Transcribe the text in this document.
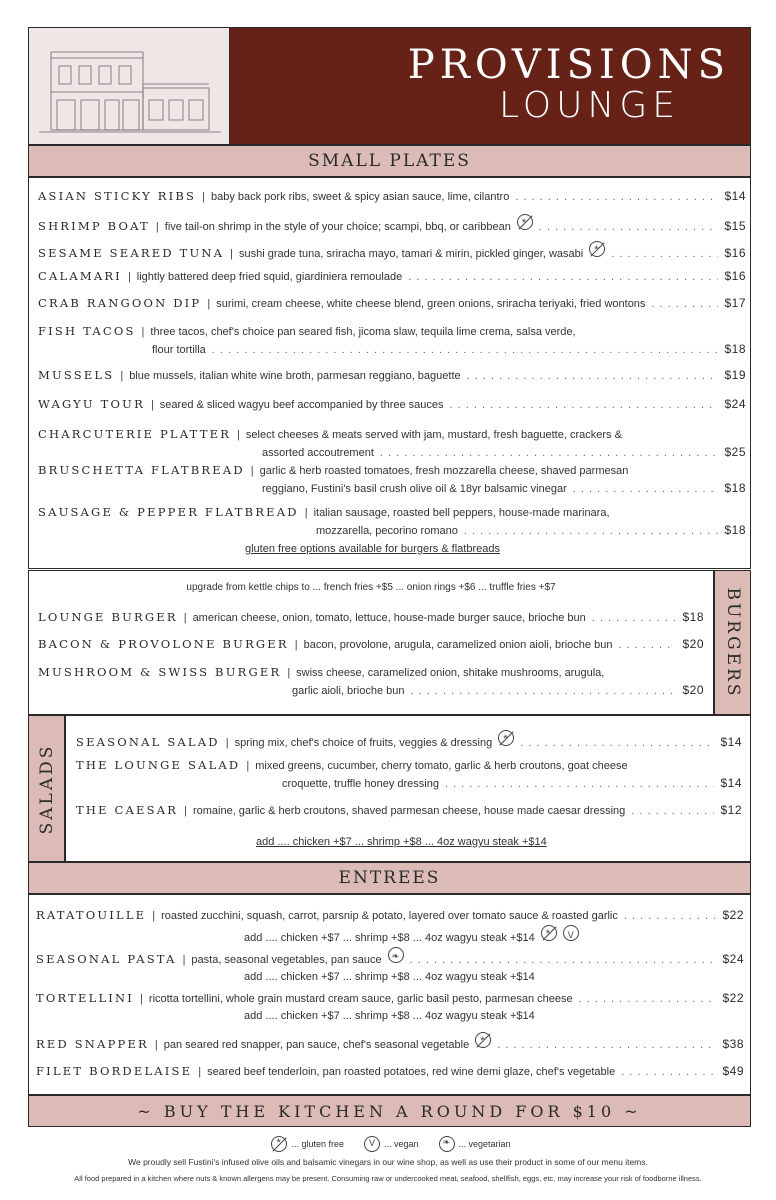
PROVISIONS
LOUNGE
SMALL PLATES
ASIAN STICKY RIBS | baby back pork ribs, sweet & spicy asian sauce, lime, cilantro . . .	$14
SHRIMP BOAT | five tail-on shrimp in the style of your choice; scampi, bbq, or caribbean * . . .	$15
SESAME SEARED TUNA | sushi grade tuna, sriracha mayo, tamari & mirin, pickled ginger, wasabi * . . .	$16
CALAMARI | lightly battered deep fried squid, giardiniera remoulade . . .	$16
CRAB RANGOON DIP | surimi, cream cheese, white cheese blend, green onions, sriracha teriyaki, fried wontons . . .	$17
FISH TACOS | three tacos, chef's choice pan seared fish, jicoma slaw, tequila lime crema, salsa verde,
flour tortilla . . .	$18
MUSSELS | blue mussels, italian white wine broth, parmesan reggiano, baguette . . .	$19
WAGYU TOUR | seared & sliced wagyu beef accompanied by three sauces . . .	$24
CHARCUTERIE PLATTER | select cheeses & meats served with jam, mustard, fresh baguette, crackers &
assorted accoutrement . . .	$25
BRUSCHETTA FLATBREAD | garlic & herb roasted tomatoes, fresh mozzarella cheese, shaved parmesan
reggiano, Fustini's basil crush olive oil & 18yr balsamic vinegar . . .	$18
SAUSAGE & PEPPER FLATBREAD | italian sausage, roasted bell peppers, house-made marinara,
mozzarella, pecorino romano . . .	$18
gluten free options available for burgers & flatbreads
BURGERS
upgrade from kettle chips to ... french fries +$5 ... onion rings +$6 ... truffle fries +$7
LOUNGE BURGER | american cheese, onion, tomato, lettuce, house-made burger sauce, brioche bun . . .	$18
BACON & PROVOLONE BURGER | bacon, provolone, arugula, caramelized onion aioli, brioche bun . . .	$20
MUSHROOM & SWISS BURGER | swiss cheese, caramelized onion, shitake mushrooms, arugula,
garlic aioli, brioche bun . . .	$20
SALADS
SEASONAL SALAD | spring mix, chef's choice of fruits, veggies & dressing * . . .	$14
THE LOUNGE SALAD | mixed greens, cucumber, cherry tomato, garlic & herb croutons, goat cheese
croquette, truffle honey dressing . . .	$14
THE CAESAR | romaine, garlic & herb croutons, shaved parmesan cheese, house made caesar dressing . . .	$12
add .... chicken +$7 ... shrimp +$8 ... 4oz wagyu steak +$14
ENTREES
RATATOUILLE | roasted zucchini, squash, carrot, parsnip & potato, layered over tomato sauce & roasted garlic . . .	$22
add .... chicken +$7 ... shrimp +$8 ... 4oz wagyu steak +$14
*
V
SEASONAL PASTA | pasta, seasonal vegetables, pan sauce ❧ . . .	$24
add .... chicken +$7 ... shrimp +$8 ... 4oz wagyu steak +$14
TORTELLINI | ricotta tortellini, whole grain mustard cream sauce, garlic basil pesto, parmesan cheese . . .	$22
add .... chicken +$7 ... shrimp +$8 ... 4oz wagyu steak +$14
RED SNAPPER | pan seared red snapper, pan sauce, chef's seasonal vegetable * . . .	$38
FILET BORDELAISE | seared beef tenderloin, pan roasted potatoes, red wine demi glaze, chef's vegetable . . .	$49
~ BUY THE KITCHEN A ROUND FOR $10 ~
*
... gluten free V	... vegan ❧	... vegetarian
We proudly sell Fustini's infused olive oils and balsamic vinegars in our wine shop, as well as use their product in some of our menu items.
All food prepared in a kitchen where nuts & known allergens may be present. Consuming raw or undercooked meat, seafood, shellfish, eggs, etc. may increase your risk of foodborne illness.
